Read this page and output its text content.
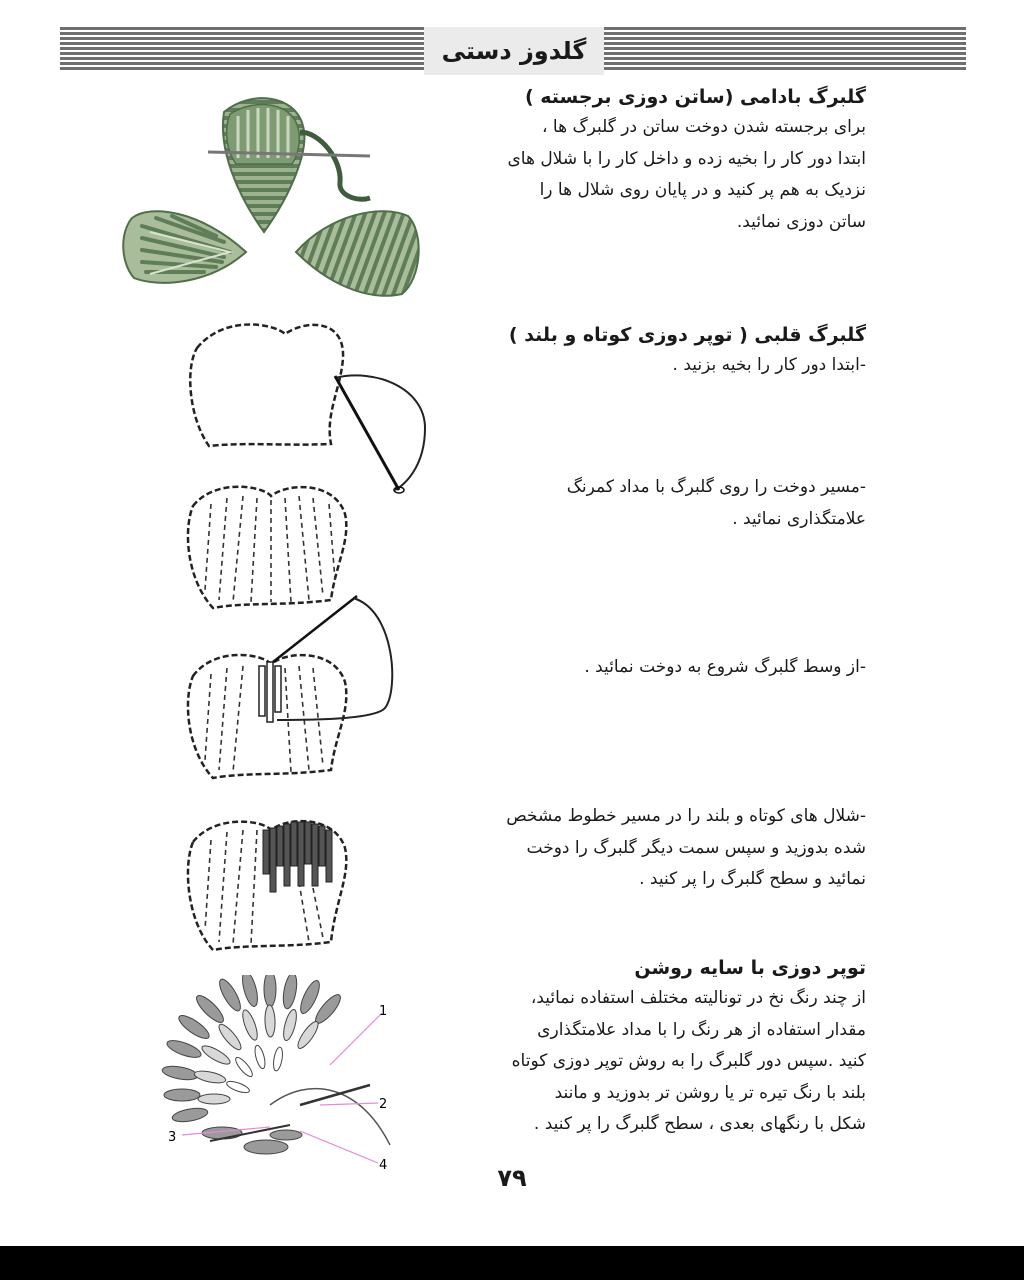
گلدوز دستی
گلبرگ بادامی (ساتن دوزی برجسته )

برای برجسته شدن دوخت ساتن در گلبرگ ها ،

ابتدا دور کار را بخیه زده و داخل کار را با شلال های

نزدیک به هم پر کنید و در پایان روی شلال ها را

ساتن دوزی نمائید.

گلبرگ قلبی ( توپر دوزی کوتاه و بلند )

-ابتدا دور کار را بخیه بزنید .

-مسیر دوخت را روی گلبرگ با مداد کمرنگ

علامتگذاری نمائید .

-از وسط گلبرگ شروع به دوخت نمائید .

-شلال های کوتاه و بلند را در مسیر خطوط مشخص

شده بدوزید و سپس سمت دیگر گلبرگ را دوخت

نمائید و سطح گلبرگ را پر کنید .

توپر دوزی با سایه روشن

از چند رنگ نخ در تونالیته مختلف استفاده نمائید،

مقدار استفاده از هر رنگ را با مداد علامتگذاری

کنید .سپس دور گلبرگ را به روش توپر دوزی کوتاه

بلند با رنگ تیره تر یا روشن تر بدوزید و مانند

شکل با رنگهای بعدی ، سطح گلبرگ را پر کنید .

1
2
3
4	۷۹
